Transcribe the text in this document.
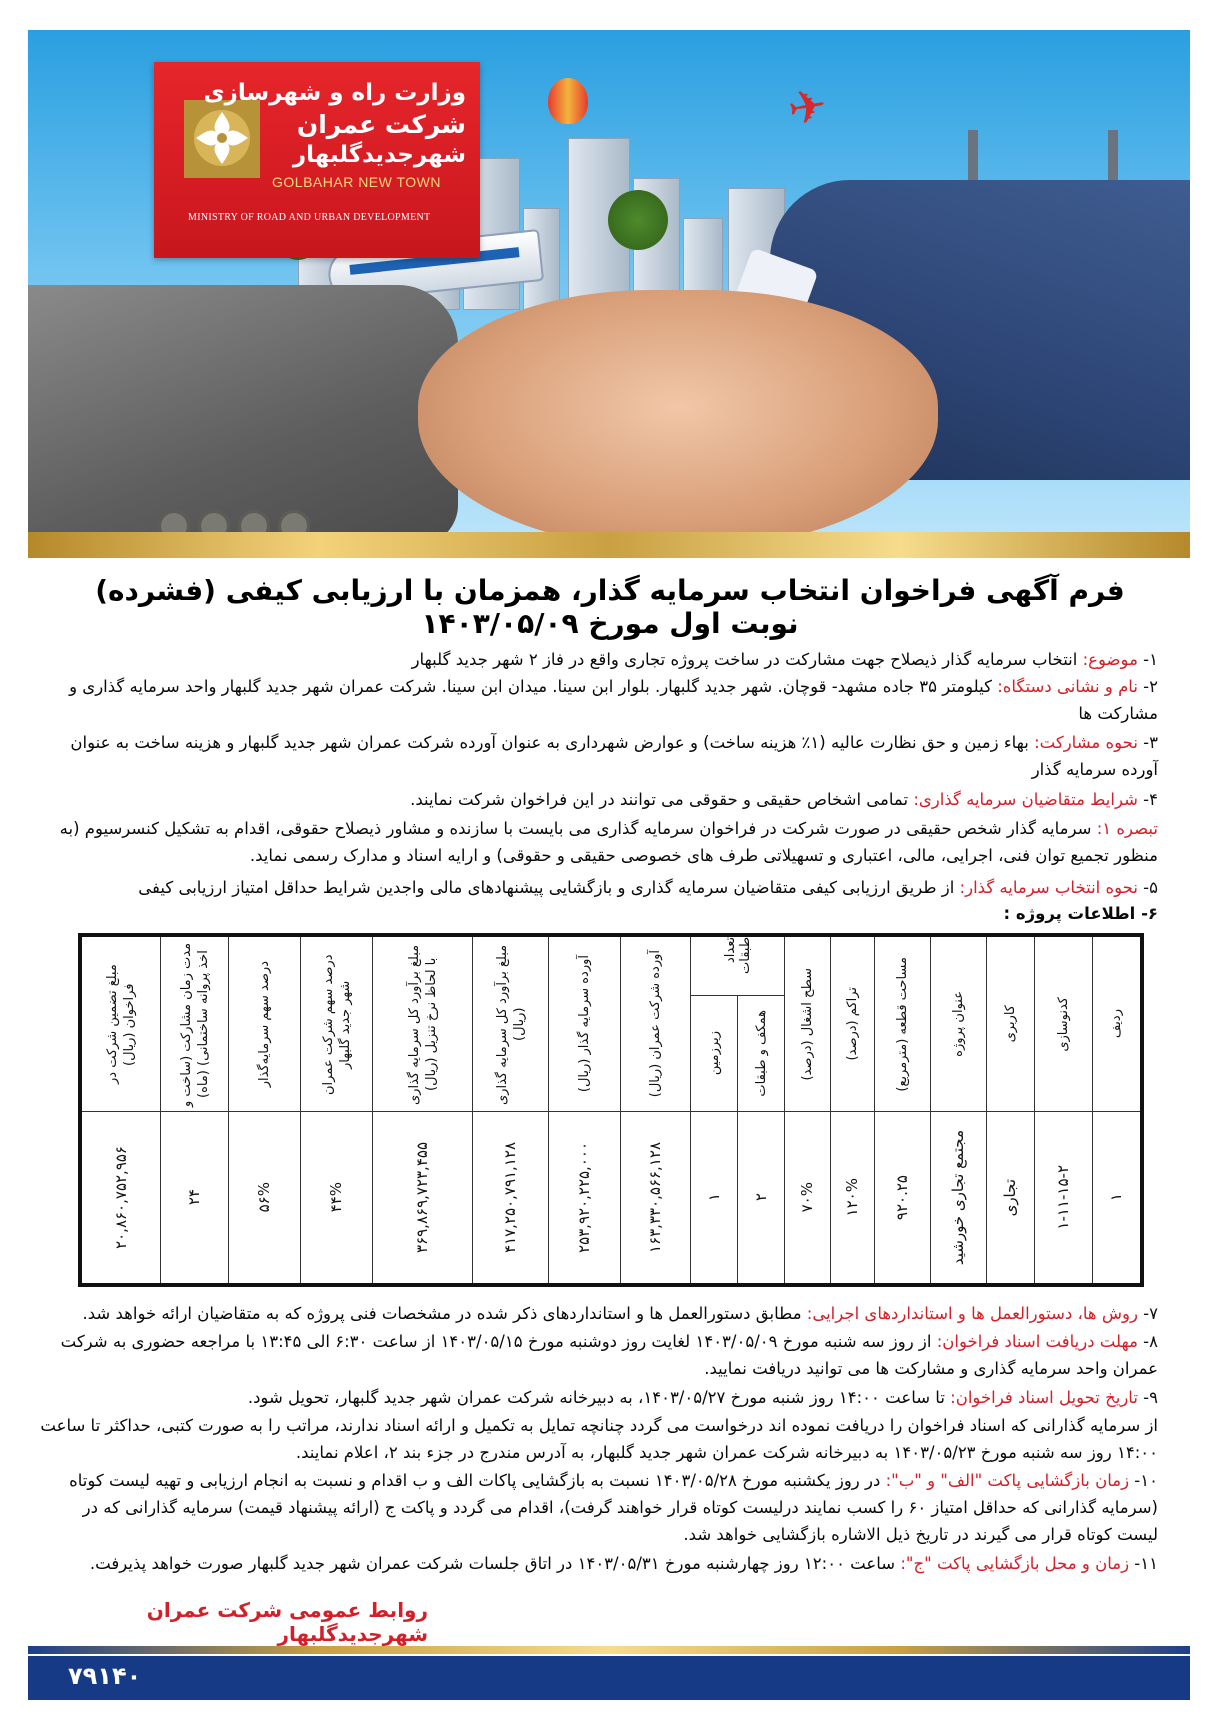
✈
وزارت راه و شهرسازی
شرکت عمران
شهرجدیدگلبهار
GOLBAHAR NEW TOWN
MINISTRY OF ROAD AND URBAN DEVELOPMENT
فرم آگهی فراخوان انتخاب سرمایه گذار، همزمان با ارزیابی کیفی (فشرده) نوبت اول مورخ ۱۴۰۳/۰۵/۰۹
۱- موضوع: انتخاب سرمایه گذار ذیصلاح جهت مشارکت در ساخت پروژه تجاری واقع در فاز ۲ شهر جدید گلبهار
۲- نام و نشانی دستگاه: کیلومتر ۳۵ جاده مشهد- قوچان. شهر جدید گلبهار. بلوار ابن سینا. میدان ابن سینا. شرکت عمران شهر جدید گلبهار واحد سرمایه گذاری و مشارکت ها
۳- نحوه مشارکت: بهاء زمین و حق نظارت عالیه (۱٪ هزینه ساخت) و عوارض شهرداری به عنوان آورده شرکت عمران شهر جدید گلبهار و هزینه ساخت به عنوان آورده سرمایه گذار
۴- شرایط متقاضیان سرمایه گذاری: تمامی اشخاص حقیقی و حقوقی می توانند در این فراخوان شرکت نمایند.
تبصره ۱: سرمایه گذار شخص حقیقی در صورت شرکت در فراخوان سرمایه گذاری می بایست با سازنده و مشاور ذیصلاح حقوقی، اقدام به تشکیل کنسرسیوم (به منظور تجمیع توان فنی، اجرایی، مالی، اعتباری و تسهیلاتی طرف های خصوصی حقیقی و حقوقی) و ارایه اسناد و مدارک رسمی نماید.
۵- نحوه انتخاب سرمایه گذار: از طریق ارزیابی کیفی متقاضیان سرمایه گذاری و بازگشایی پیشنهادهای مالی واجدین شرایط حداقل امتیاز ارزیابی کیفی
۶- اطلاعات پروژه :
ردیف
۱
کدنوسازی
۱-۱۱-۱۵-۲
کاربری
تجاری
عنوان پروژه
مجتمع تجاری خورشید
مساحت قطعه (مترمربع)
۹۲۰.۲۵
تراکم (درصد)
۱۲۰%
سطح اشغال (درصد)
۷۰%
تعداد طبقات
همکف و طبقات
زیرزمین
۲
۱
آورده شرکت عمران (ریال)
۱۶۳,۳۳۰,۵۶۶,۱۲۸
آورده سرمایه گذار (ریال)
۲۵۳,۹۲۰,۲۲۵,۰۰۰
مبلغ برآورد کل سرمایه گذاری (ریال)
۴۱۷,۲۵۰,۷۹۱,۱۲۸
مبلغ برآورد کل سرمایه گذاری با لحاظ نرخ تنزیل (ریال)
۳۶۹,۸۶۹,۷۲۳,۴۵۵
درصد سهم شرکت عمران شهر جدید گلبهار
۴۴%
درصد سهم سرمایه‌گذار
۵۶%
مدت زمان مشارکت (ساخت و اخذ پروانه ساختمانی) (ماه)
۲۴
مبلغ تضمین شرکت در فراخوان (ریال)
۲۰,۸۶۰,۷۵۲,۹۵۶
۷- روش ها، دستورالعمل ها و استانداردهای اجرایی: مطابق دستورالعمل ها و استانداردهای ذکر شده در مشخصات فنی پروژه که به متقاضیان ارائه خواهد شد.
۸- مهلت دریافت اسناد فراخوان: از روز سه شنبه مورخ ۱۴۰۳/۰۵/۰۹ لغایت روز دوشنبه مورخ ۱۴۰۳/۰۵/۱۵ از ساعت ۶:۳۰ الی ۱۳:۴۵ با مراجعه حضوری به شرکت عمران واحد سرمایه گذاری و مشارکت ها می توانید دریافت نمایید.
۹- تاریخ تحویل اسناد فراخوان: تا ساعت ۱۴:۰۰ روز شنبه مورخ ۱۴۰۳/۰۵/۲۷، به دبیرخانه شرکت عمران شهر جدید گلبهار، تحویل شود.
از سرمایه گذارانی که اسناد فراخوان را دریافت نموده اند درخواست می گردد چنانچه تمایل به تکمیل و ارائه اسناد ندارند، مراتب را به صورت کتبی، حداکثر تا ساعت ۱۴:۰۰ روز سه شنبه مورخ ۱۴۰۳/۰۵/۲۳ به دبیرخانه شرکت عمران شهر جدید گلبهار، به آدرس مندرج در جزء بند ۲، اعلام نمایند.
۱۰- زمان بازگشایی پاکت "الف" و "ب": در روز یکشنبه مورخ ۱۴۰۳/۰۵/۲۸ نسبت به بازگشایی پاکات الف و ب اقدام و نسبت به انجام ارزیابی و تهیه لیست کوتاه (سرمایه گذارانی که حداقل امتیاز ۶۰ را کسب نمایند درلیست کوتاه قرار خواهند گرفت)، اقدام می گردد و پاکت ج (ارائه پیشنهاد قیمت) سرمایه گذارانی که در لیست کوتاه قرار می گیرند در تاریخ ذیل الاشاره بازگشایی خواهد شد.
۱۱- زمان و محل بازگشایی پاکت "ج": ساعت ۱۲:۰۰ روز چهارشنبه مورخ ۱۴۰۳/۰۵/۳۱ در اتاق جلسات شرکت عمران شهر جدید گلبهار صورت خواهد پذیرفت.
روابط عمومی شرکت عمران شهرجدیدگلبهار
۷۹۱۴۰
